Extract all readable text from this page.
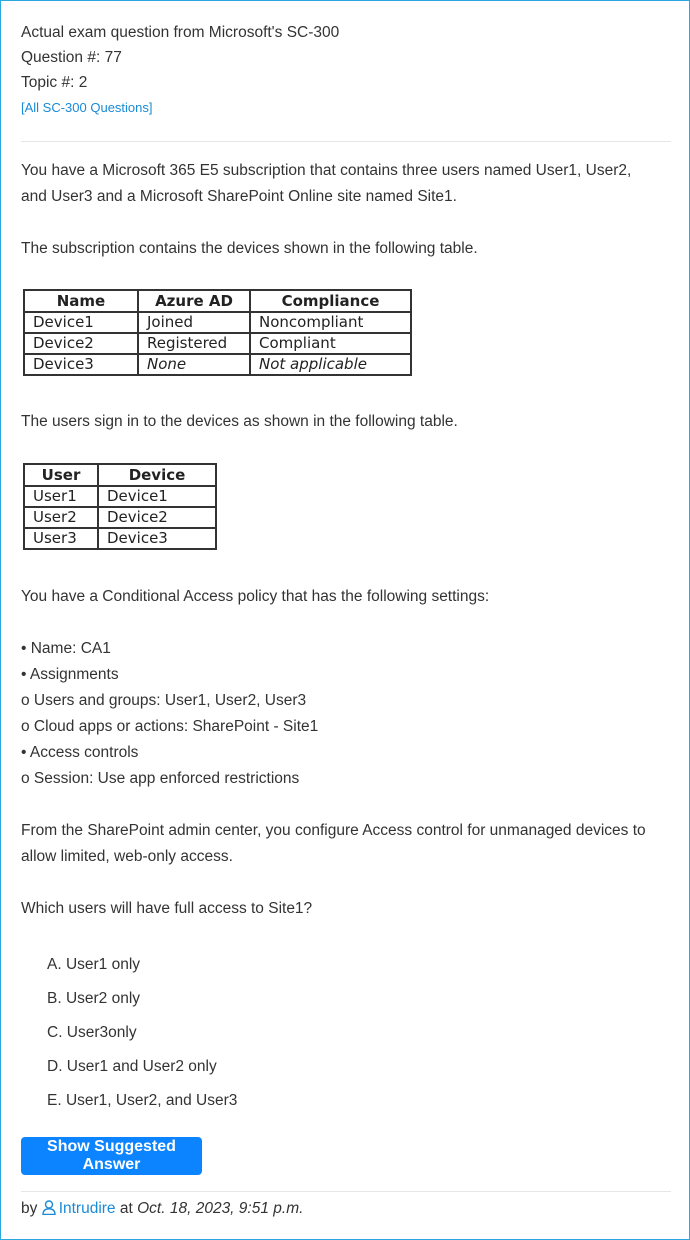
Actual exam question from Microsoft's SC-300
Question #: 77
Topic #: 2
[All SC-300 Questions]

You have a Microsoft 365 E5 subscription that contains three users named User1, User2, and User3 and a Microsoft SharePoint Online site named Site1.

The subscription contains the devices shown in the following table.

Name	Azure AD	Compliance
Device1	Joined	Noncompliant
Device2	Registered	Compliant
Device3	None	Not applicable

The users sign in to the devices as shown in the following table.

User	Device
User1	Device1
User2	Device2
User3	Device3

You have a Conditional Access policy that has the following settings:

• Name: CA1

• Assignments

o Users and groups: User1, User2, User3

o Cloud apps or actions: SharePoint - Site1

• Access controls

o Session: Use app enforced restrictions

From the SharePoint admin center, you configure Access control for unmanaged devices to allow limited, web-only access.

Which users will have full access to Site1?

A. User1 only
B. User2 only
C. User3only
D. User1 and User2 only
E. User1, User2, and User3
Show Suggested Answer
by Intrudire at Oct. 18, 2023, 9:51 p.m.
